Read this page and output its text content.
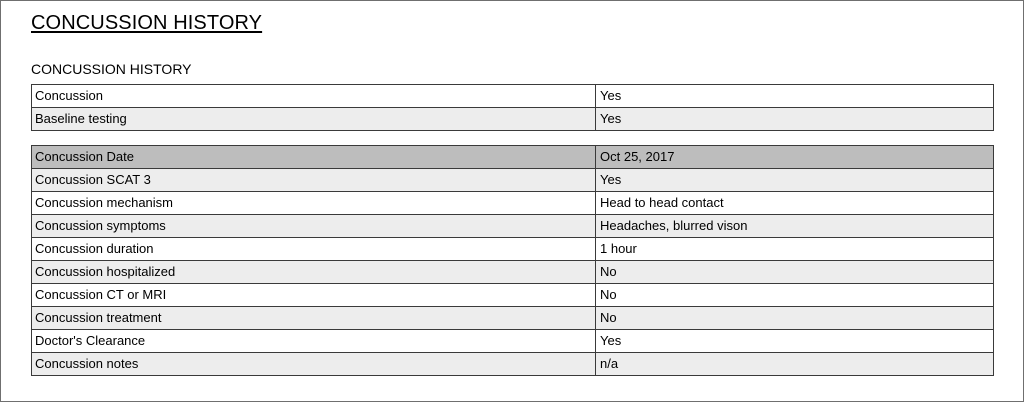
CONCUSSION HISTORY
CONCUSSION HISTORY
Concussion	Yes
Baseline testing	Yes
Concussion Date	Oct 25, 2017
Concussion SCAT 3	Yes
Concussion mechanism	Head to head contact
Concussion symptoms	Headaches, blurred vison
Concussion duration	1 hour
Concussion hospitalized	No
Concussion CT or MRI	No
Concussion treatment	No
Doctor's Clearance	Yes
Concussion notes	n/a
